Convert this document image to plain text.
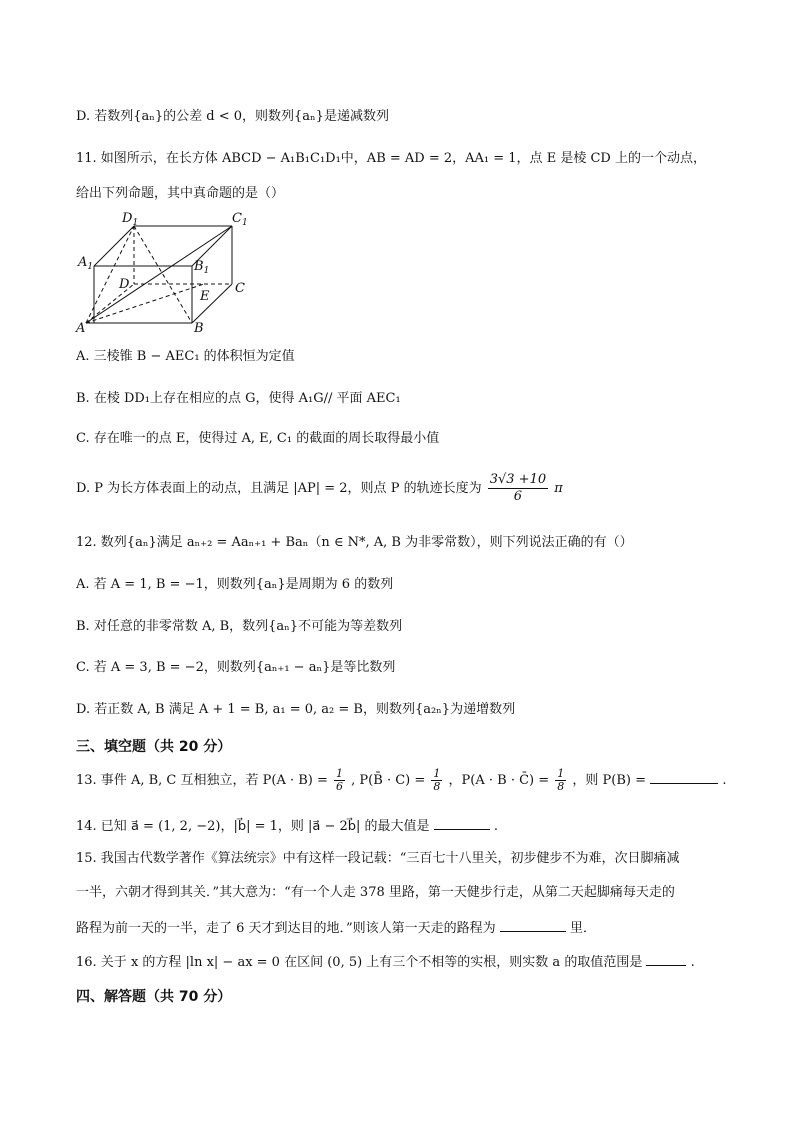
D. 若数列{aₙ}的公差 d < 0，则数列{aₙ}是递减数列
11. 如图所示，在长方体 ABCD − A₁B₁C₁D₁中，AB = AD = 2，AA₁ = 1，点 E 是棱 CD 上的一个动点，
给出下列命题，其中真命题的是（）
$D_1$	$C_1$
$A_1$	$B_1$
D	C
E
A	B
A. 三棱锥 B − AEC₁ 的体积恒为定值
B. 在棱 DD₁上存在相应的点 G，使得 A₁G// 平面 AEC₁
C. 存在唯一的点 E，使得过 A, E, C₁ 的截面的周长取得最小值
D. P 为长方体表面上的动点，且满足 |AP| = 2，则点 P 的轨迹长度为 $\frac{3√3 +10}{6}$ π
12. 数列{aₙ}满足 aₙ₊₂ = Aaₙ₊₁ + Baₙ（n ∈ N*, A, B 为非零常数），则下列说法正确的有（）
A. 若 A = 1, B = −1，则数列{aₙ}是周期为 6 的数列
B. 对任意的非零常数 A, B，数列{aₙ}不可能为等差数列
C. 若 A = 3, B = −2，则数列{aₙ₊₁ − aₙ}是等比数列
D. 若正数 A, B 满足 A + 1 = B, a₁ = 0, a₂ = B，则数列{a₂ₙ}为递增数列
三、填空题（共 20 分）
13. 事件 A, B, C 互相独立，若 $P(A \cdot B) = \frac{1}{6}$ , P(B̄ · $C) = \frac{1}{8}$ ，P(A · B · C̄) = $\frac{1}{8}$ ，则 P(B) =	.
14. 已知 a⃗ = (1, 2, −2)，|b⃗| = 1，则 |a⃗ − 2b⃗| 的最大值是	.
15. 我国古代数学著作《算法统宗》中有这样一段记载：“三百七十八里关，初步健步不为难，次日脚痛减
一半，六朝才得到其关．”其大意为：“有一个人走 378 里路，第一天健步行走，从第二天起脚痛每天走的
路程为前一天的一半，走了 6 天才到达目的地．”则该人第一天走的路程为	里．
16. 关于 x 的方程 |ln x| − ax = 0 在区间 (0, 5) 上有三个不相等的实根，则实数 a 的取值范围是	.
四、解答题（共 70 分）
